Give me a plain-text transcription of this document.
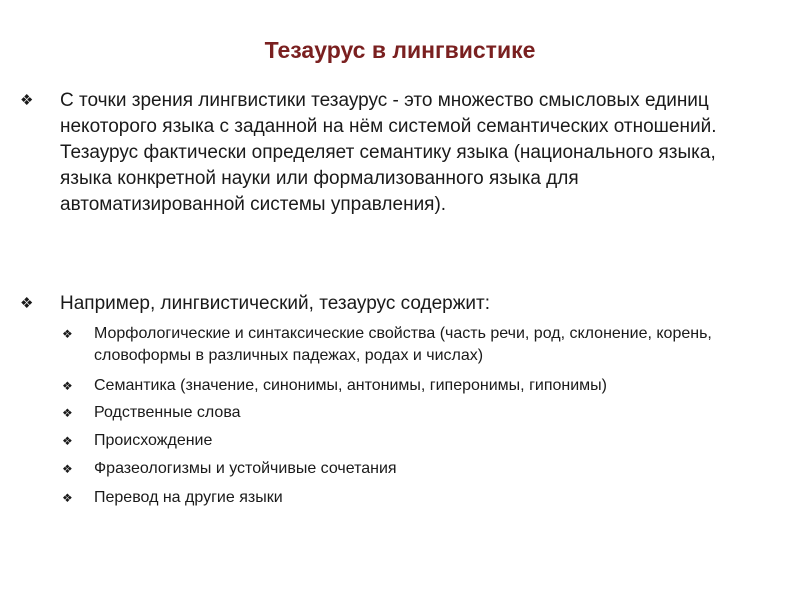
Тезаурус в лингвистике
❖	С точки зрения лингвистики тезаурус - это множество смысловых единиц некоторого языка с заданной на нём системой семантических отношений. Тезаурус фактически определяет семантику языка (национального языка, языка конкретной науки или формализованного языка для автоматизированной системы управления).
❖	Например, лингвистический, тезаурус содержит:
❖	Морфологические и синтаксические свойства (часть речи, род, склонение, корень, словоформы в различных падежах, родах и числах)
❖	Семантика (значение, синонимы, антонимы, гиперонимы, гипонимы)
❖	Родственные слова
❖	Происхождение
❖	Фразеологизмы и устойчивые сочетания
❖	Перевод на другие языки
